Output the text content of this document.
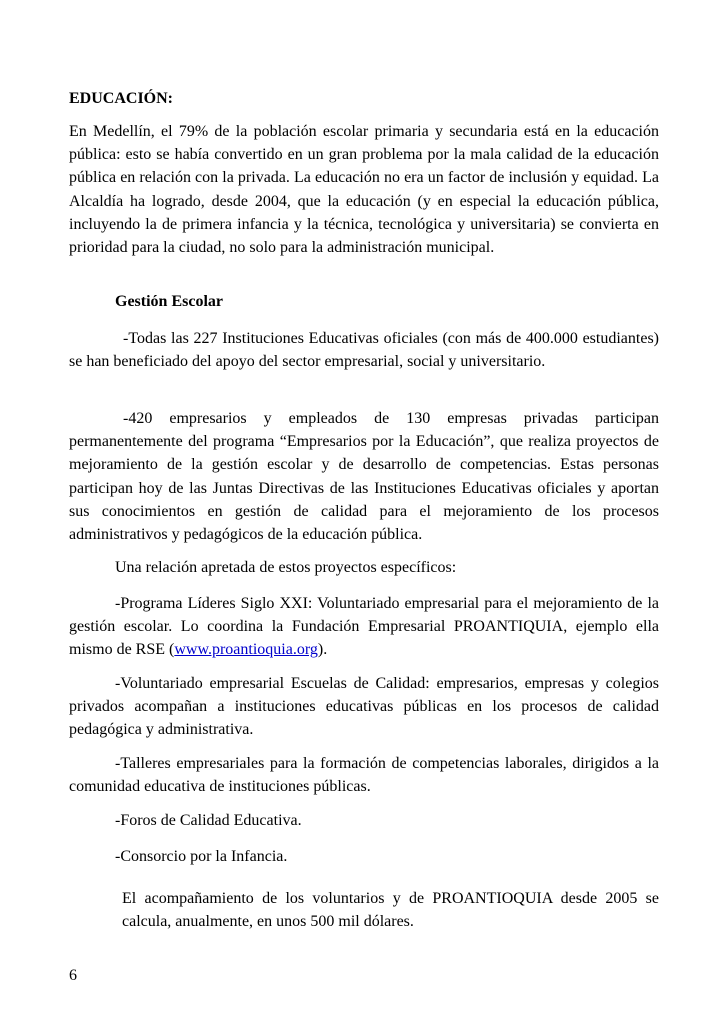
EDUCACIÓN:

En Medellín, el 79% de la población escolar primaria y secundaria está en la educación pública: esto se había convertido en un gran problema por la mala calidad de la educación pública en relación con la privada. La educación no era un factor de inclusión y equidad. La Alcaldía ha logrado, desde 2004, que la educación (y en especial la educación pública, incluyendo la de primera infancia y la técnica, tecnológica y universitaria) se convierta en prioridad para la ciudad, no solo para la administración municipal.

Gestión Escolar

-Todas las 227 Instituciones Educativas oficiales (con más de 400.000 estudiantes) se han beneficiado del apoyo del sector empresarial, social y universitario.

-420 empresarios y empleados de 130 empresas privadas participan permanentemente del programa “Empresarios por la Educación”, que realiza proyectos de mejoramiento de la gestión escolar y de desarrollo de competencias. Estas personas participan hoy de las Juntas Directivas de las Instituciones Educativas oficiales y aportan sus conocimientos en gestión de calidad para el mejoramiento de los procesos administrativos y pedagógicos de la educación pública.

Una relación apretada de estos proyectos específicos:

-Programa Líderes Siglo XXI: Voluntariado empresarial para el mejoramiento de la gestión escolar. Lo coordina la Fundación Empresarial PROANTIQUIA, ejemplo ella mismo de RSE (www.proantioquia.org).

-Voluntariado empresarial Escuelas de Calidad: empresarios, empresas y colegios privados acompañan a instituciones educativas públicas en los procesos de calidad pedagógica y administrativa.

-Talleres empresariales para la formación de competencias laborales, dirigidos a la comunidad educativa de instituciones públicas.

-Foros de Calidad Educativa.

-Consorcio por la Infancia.

El acompañamiento de los voluntarios y de PROANTIOQUIA desde 2005 se calcula, anualmente, en unos 500 mil dólares.

6
